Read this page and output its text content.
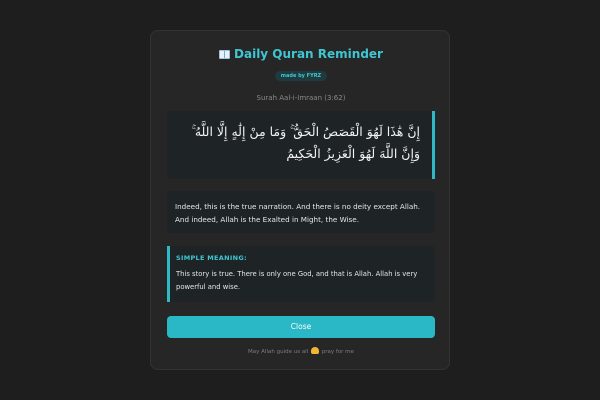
Daily Quran Reminder
made by FYRZ
Surah Aal-i-Imraan (3:62)
إِنَّ هَٰذَا لَهُوَ الْقَصَصُ الْحَقُّ ۚ وَمَا مِنْ إِلَٰهٍ إِلَّا اللَّهُ ۚ وَإِنَّ اللَّهَ لَهُوَ الْعَزِيزُ الْحَكِيمُ
Indeed, this is the true narration. And there is no deity except Allah. And indeed, Allah is the Exalted in Might, the Wise.
SIMPLE MEANING:
This story is true. There is only one God, and that is Allah. Allah is very powerful and wise.
Close
May Allah guide us all pray for me
